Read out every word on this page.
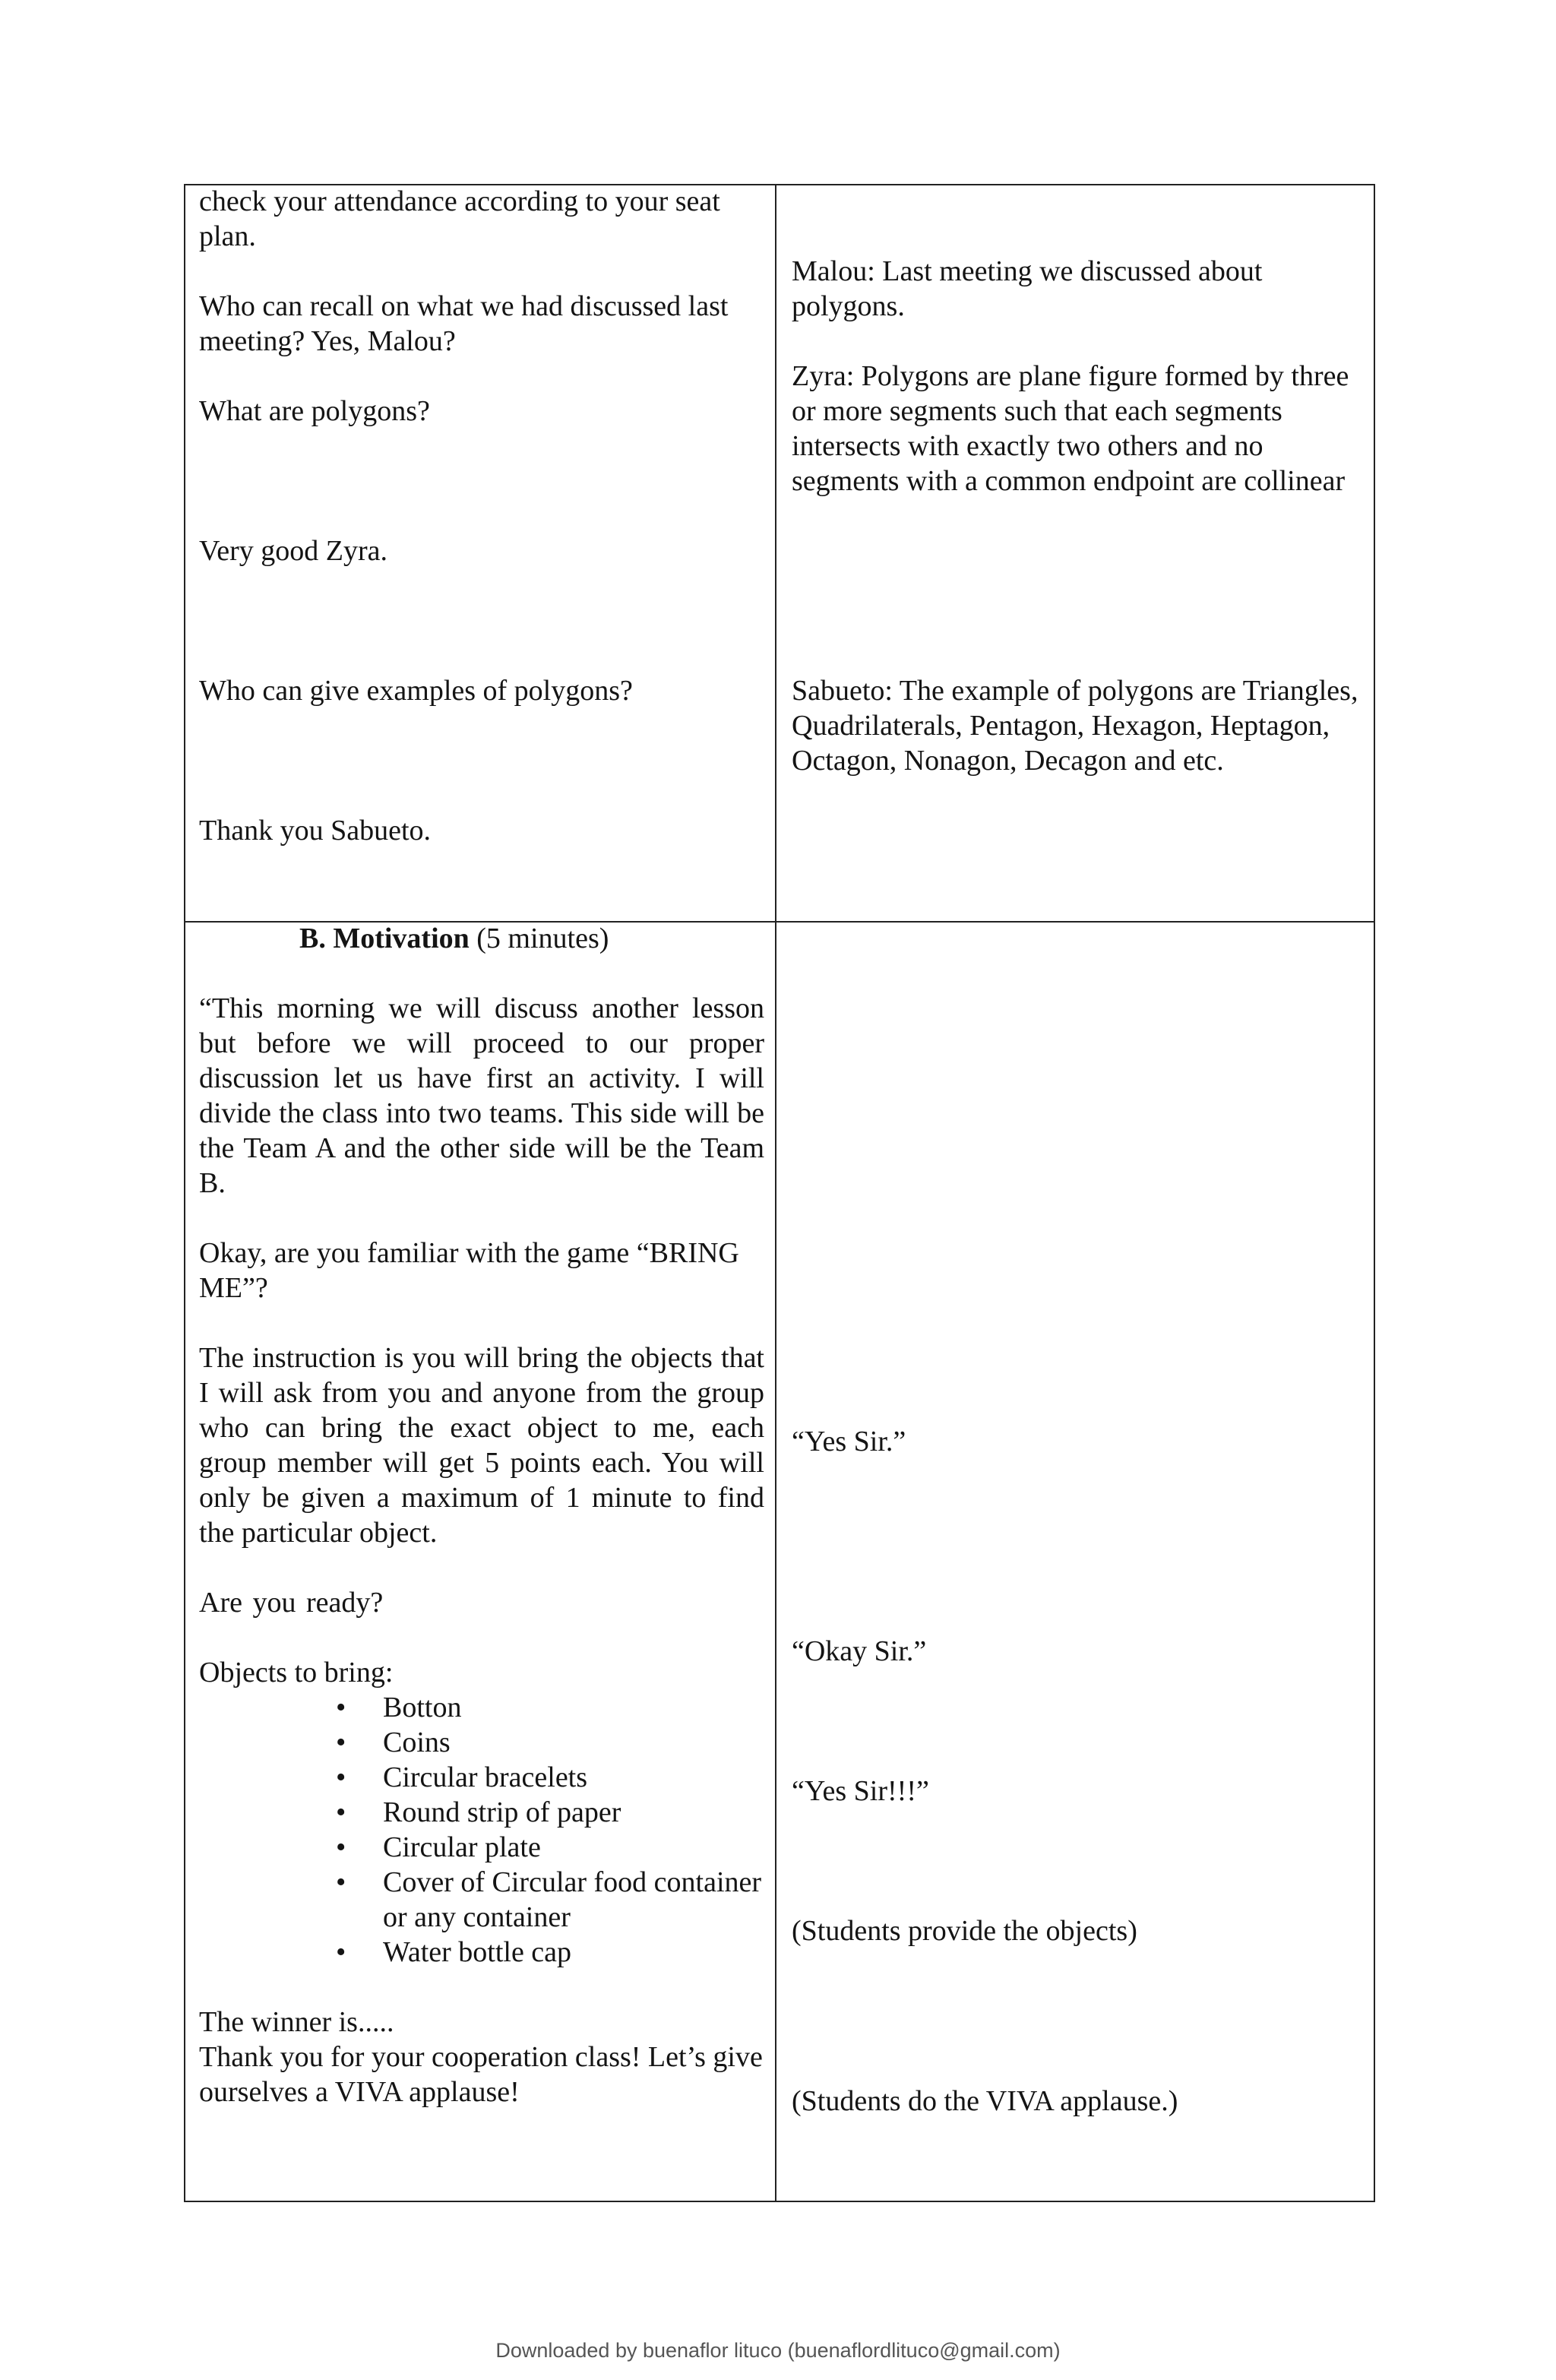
check your attendance according to your seat plan.

Who can recall on what we had discussed last meeting? Yes, Malou?

What are polygons?

Very good Zyra.

Who can give examples of polygons?

Thank you Sabueto.

Malou: Last meeting we discussed about polygons.

Zyra: Polygons are plane figure formed by three or more segments such that each segments intersects with exactly two others and no segments with a common endpoint are collinear

Sabueto: The example of polygons are Triangles, Quadrilaterals, Pentagon, Hexagon, Heptagon, Octagon, Nonagon, Decagon and etc.

B. Motivation (5 minutes)

“This morning we will discuss another lesson but before we will proceed to our proper discussion let us have first an activity. I will divide the class into two teams. This side will be the Team A and the other side will be the Team B.

Okay, are you familiar with the game “BRING ME”?

The instruction is you will bring the objects that I will ask from you and anyone from the group who can bring the exact object to me, each group member will get 5 points each. You will only be given a maximum of 1 minute to find the particular object.

Are you ready?

Objects to bring:

• Botton
• Coins
• Circular bracelets
• Round strip of paper
• Circular plate
• Cover of Circular food container or any container
• Water bottle cap

The winner is.....

Thank you for your cooperation class! Let’s give ourselves a VIVA applause!

“Yes Sir.”

“Okay Sir.”

“Yes Sir!!!”

(Students provide the objects)

(Students do the VIVA applause.)

Downloaded by buenaflor lituco (buenaflordlituco@gmail.com)
